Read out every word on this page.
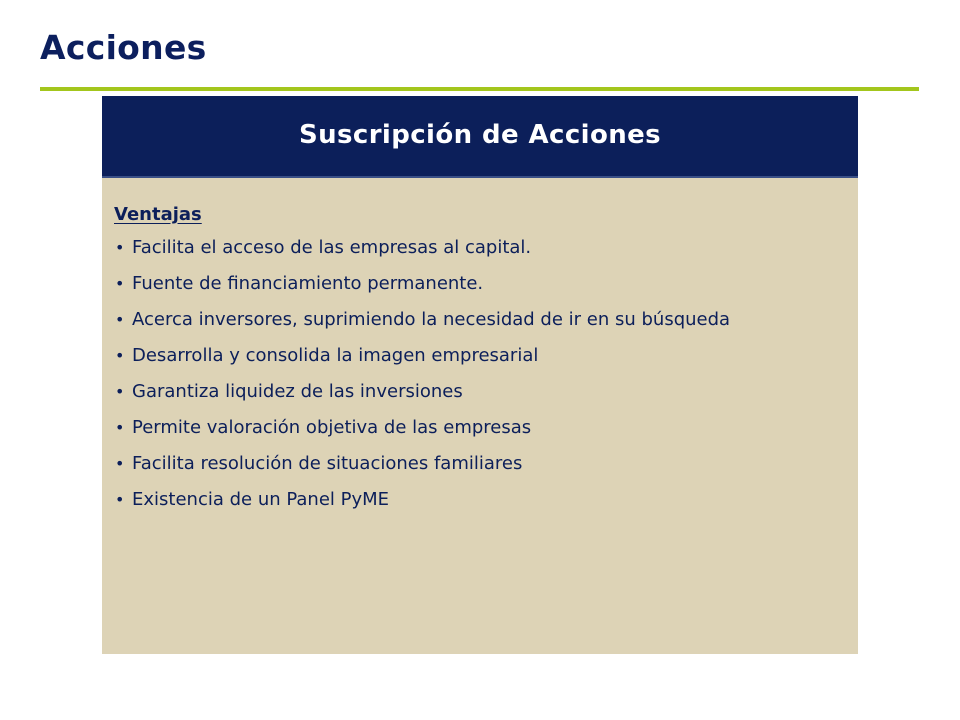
Acciones
Suscripción de Acciones
Ventajas
• Facilita el acceso de las empresas al capital.
• Fuente de financiamiento permanente.
• Acerca inversores, suprimiendo la necesidad de ir en su búsqueda
• Desarrolla y consolida la imagen empresarial
• Garantiza liquidez de las inversiones
• Permite valoración objetiva de las empresas
• Facilita resolución de situaciones familiares
• Existencia de un Panel PyME
